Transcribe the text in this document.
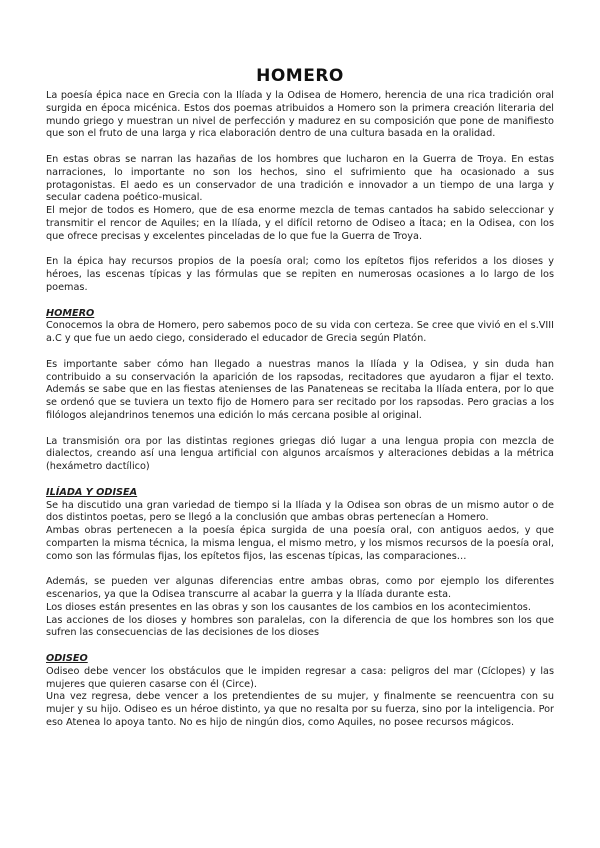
HOMERO

La poesía épica nace en Grecia con la Ilíada y la Odisea de Homero, herencia de una rica tradición oral surgida en época micénica. Estos dos poemas atribuidos a Homero son la primera creación literaria del mundo griego y muestran un nivel de perfección y madurez en su composición que pone de manifiesto que son el fruto de una larga y rica elaboración dentro de una cultura basada en la oralidad.

En estas obras se narran las hazañas de los hombres que lucharon en la Guerra de Troya. En estas narraciones, lo importante no son los hechos, sino el sufrimiento que ha ocasionado a sus protagonistas. El aedo es un conservador de una tradición e innovador a un tiempo de una larga y secular cadena poético-musical.

El mejor de todos es Homero, que de esa enorme mezcla de temas cantados ha sabido seleccionar y transmitir el rencor de Aquiles; en la Ilíada, y el difícil retorno de Odiseo a Ítaca; en la Odisea, con los que ofrece precisas y excelentes pinceladas de lo que fue la Guerra de Troya.

En la épica hay recursos propios de la poesía oral; como los epítetos fijos referidos a los dioses y héroes, las escenas típicas y las fórmulas que se repiten en numerosas ocasiones a lo largo de los poemas.

HOMERO

Conocemos la obra de Homero, pero sabemos poco de su vida con certeza. Se cree que vivió en el s.VIII a.C y que fue un aedo ciego, considerado el educador de Grecia según Platón.

Es importante saber cómo han llegado a nuestras manos la Ilíada y la Odisea, y sin duda han contribuido a su conservación la aparición de los rapsodas, recitadores que ayudaron a fijar el texto. Además se sabe que en las fiestas atenienses de las Panateneas se recitaba la Ilíada entera, por lo que se ordenó que se tuviera un texto fijo de Homero para ser recitado por los rapsodas. Pero gracias a los filólogos alejandrinos tenemos una edición lo más cercana posible al original.

La transmisión ora por las distintas regiones griegas dió lugar a una lengua propia con mezcla de dialectos, creando así una lengua artificial con algunos arcaísmos y alteraciones debidas a la métrica (hexámetro dactílico)

ILÍADA Y ODISEA

Se ha discutido una gran variedad de tiempo si la Ilíada y la Odisea son obras de un mismo autor o de dos distintos poetas, pero se llegó a la conclusión que ambas obras pertenecían a Homero.

Ambas obras pertenecen a la poesía épica surgida de una poesía oral, con antiguos aedos, y que comparten la misma técnica, la misma lengua, el mismo metro, y los mismos recursos de la poesía oral, como son las fórmulas fijas, los epítetos fijos, las escenas típicas, las comparaciones…

Además, se pueden ver algunas diferencias entre ambas obras, como por ejemplo los diferentes escenarios, ya que la Odisea transcurre al acabar la guerra y la Ilíada durante esta.

Los dioses están presentes en las obras y son los causantes de los cambios en los acontecimientos.

Las acciones de los dioses y hombres son paralelas, con la diferencia de que los hombres son los que sufren las consecuencias de las decisiones de los dioses

ODISEO

Odiseo debe vencer los obstáculos que le impiden regresar a casa: peligros del mar (Cíclopes) y las mujeres que quieren casarse con él (Circe).

Una vez regresa, debe vencer a los pretendientes de su mujer, y finalmente se reencuentra con su mujer y su hijo. Odiseo es un héroe distinto, ya que no resalta por su fuerza, sino por la inteligencia. Por eso Atenea lo apoya tanto. No es hijo de ningún dios, como Aquiles, no posee recursos mágicos.
